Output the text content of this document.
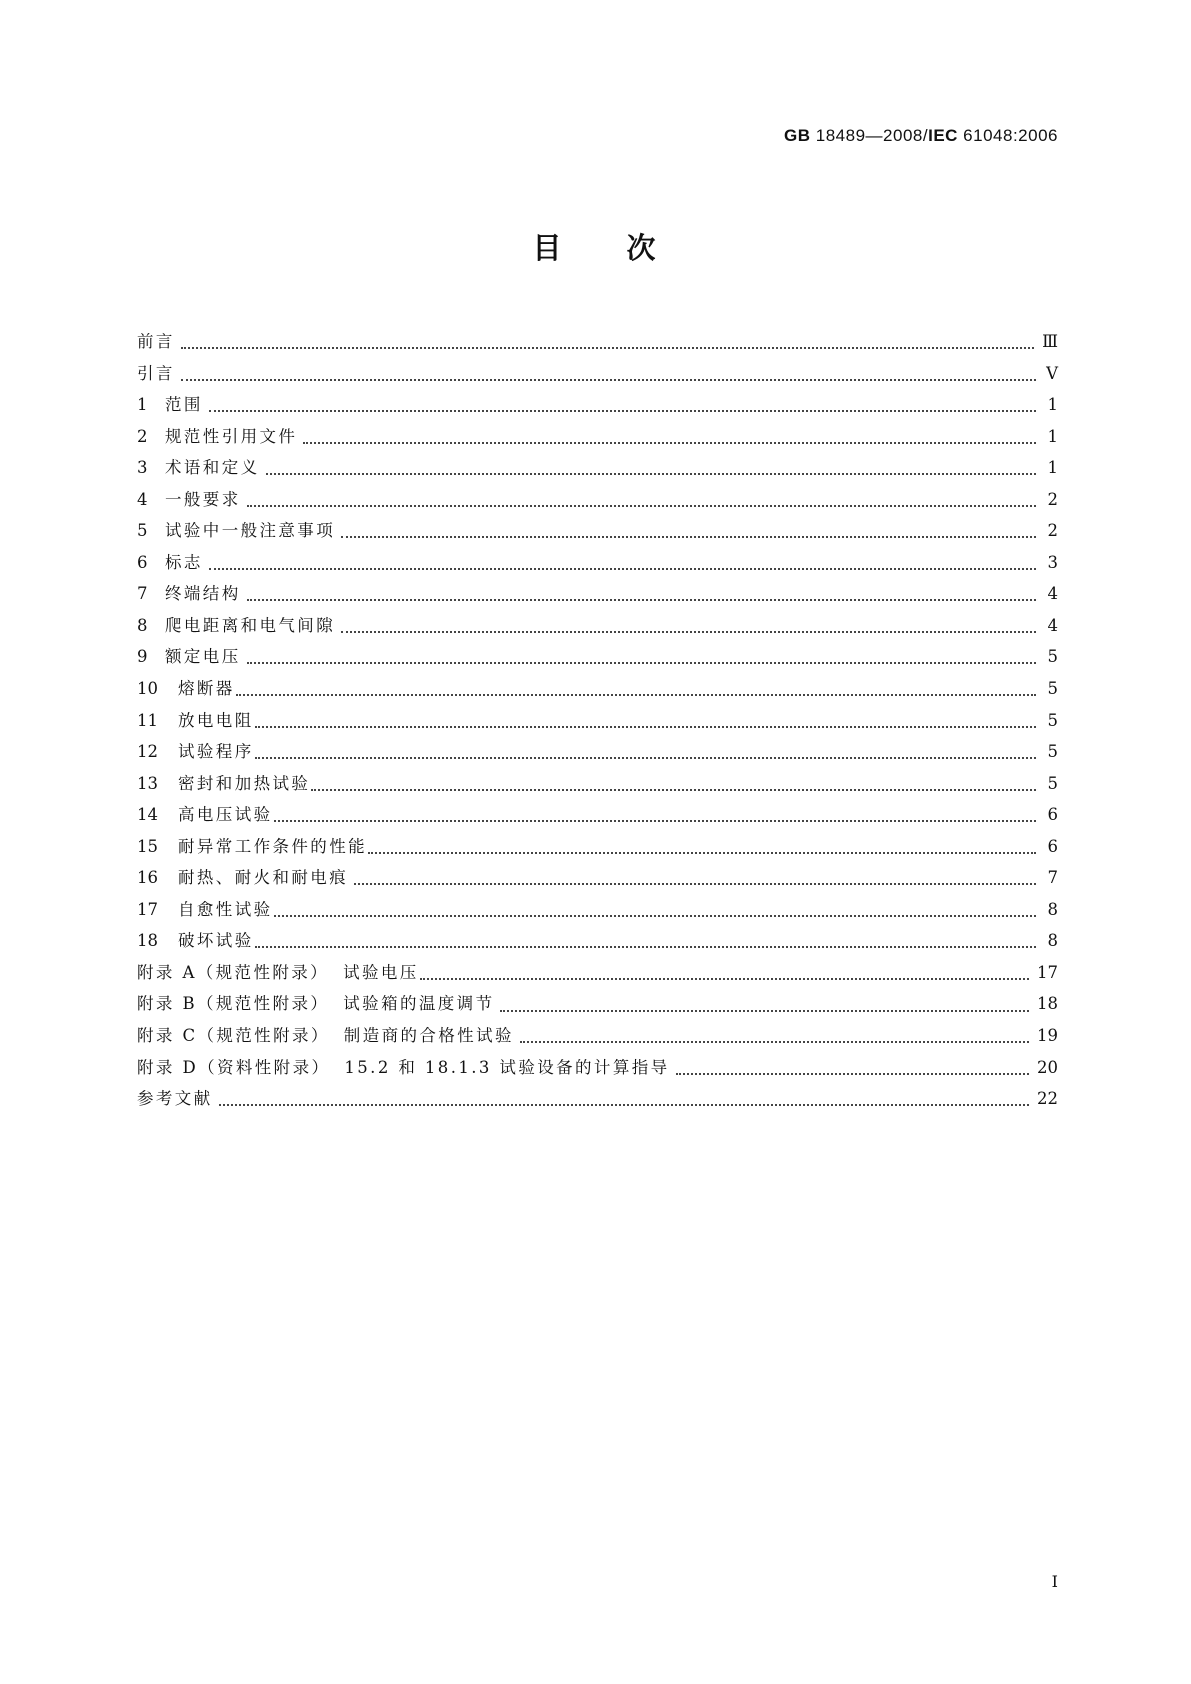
GB 18489—2008/IEC 61048:2006
目 次
前言	Ⅲ
引言	Ⅴ
1	范围	1
2	规范性引用文件	1
3	术语和定义	1
4	一般要求	2
5	试验中一般注意事项	2
6	标志	3
7	终端结构	4
8	爬电距离和电气间隙	4
9	额定电压	5
10	熔断器	5
11	放电电阻	5
12	试验程序	5
13	密封和加热试验	5
14	高电压试验	6
15	耐异常工作条件的性能	6
16	耐热、耐火和耐电痕	7
17	自愈性试验	8
18	破坏试验	8
附录 A（规范性附录） 试验电压	17
附录 B（规范性附录） 试验箱的温度调节	18
附录 C（规范性附录） 制造商的合格性试验	19
附录 D（资料性附录） 15.2 和 18.1.3 试验设备的计算指导	20
参考文献	22
I
